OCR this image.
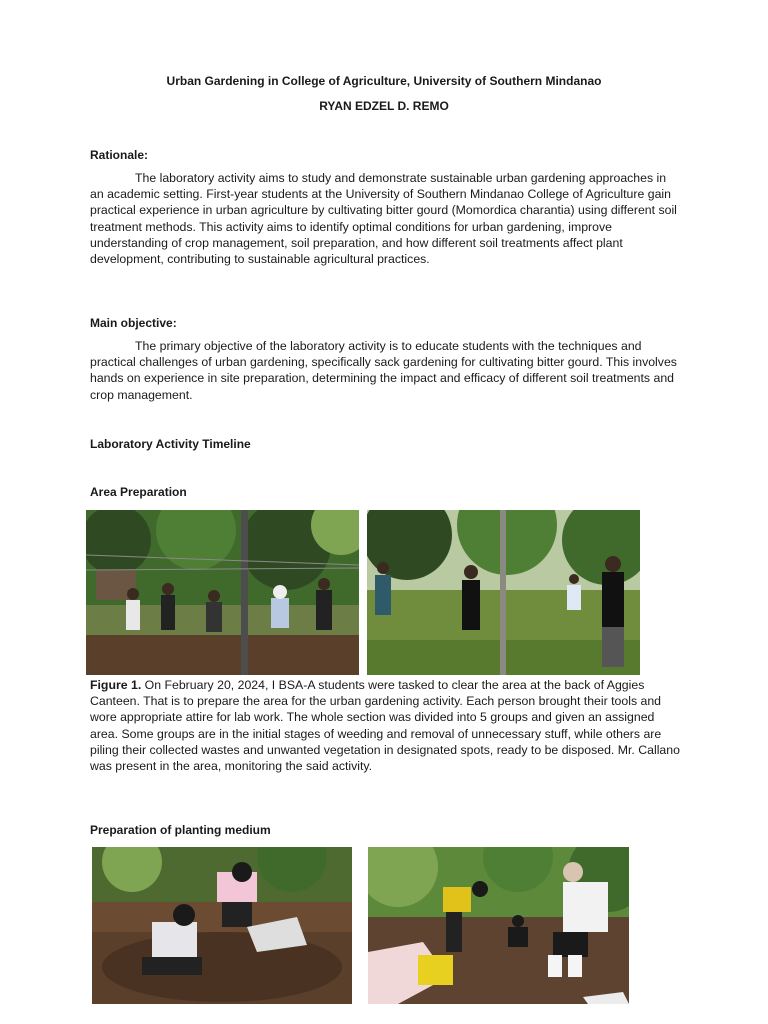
Urban Gardening in College of Agriculture, University of Southern Mindanao
RYAN EDZEL D. REMO
Rationale:
The laboratory activity aims to study and demonstrate sustainable urban gardening approaches in an academic setting. First-year students at the University of Southern Mindanao College of Agriculture gain practical experience in urban agriculture by cultivating bitter gourd (Momordica charantia) using different soil treatment methods. This activity aims to identify optimal conditions for urban gardening, improve understanding of crop management, soil preparation, and how different soil treatments affect plant development, contributing to sustainable agricultural practices.
Main objective:
The primary objective of the laboratory activity is to educate students with the techniques and practical challenges of urban gardening, specifically sack gardening for cultivating bitter gourd. This involves hands on experience in site preparation, determining the impact and efficacy of different soil treatments and crop management.
Laboratory Activity Timeline
Area Preparation
Figure 1. On February 20, 2024, I BSA-A students were tasked to clear the area at the back of Aggies Canteen. That is to prepare the area for the urban gardening activity. Each person brought their tools and wore appropriate attire for lab work. The whole section was divided into 5 groups and given an assigned area. Some groups are in the initial stages of weeding and removal of unnecessary stuff, while others are piling their collected wastes and unwanted vegetation in designated spots, ready to be disposed. Mr. Callano was present in the area, monitoring the said activity.
Preparation of planting medium
